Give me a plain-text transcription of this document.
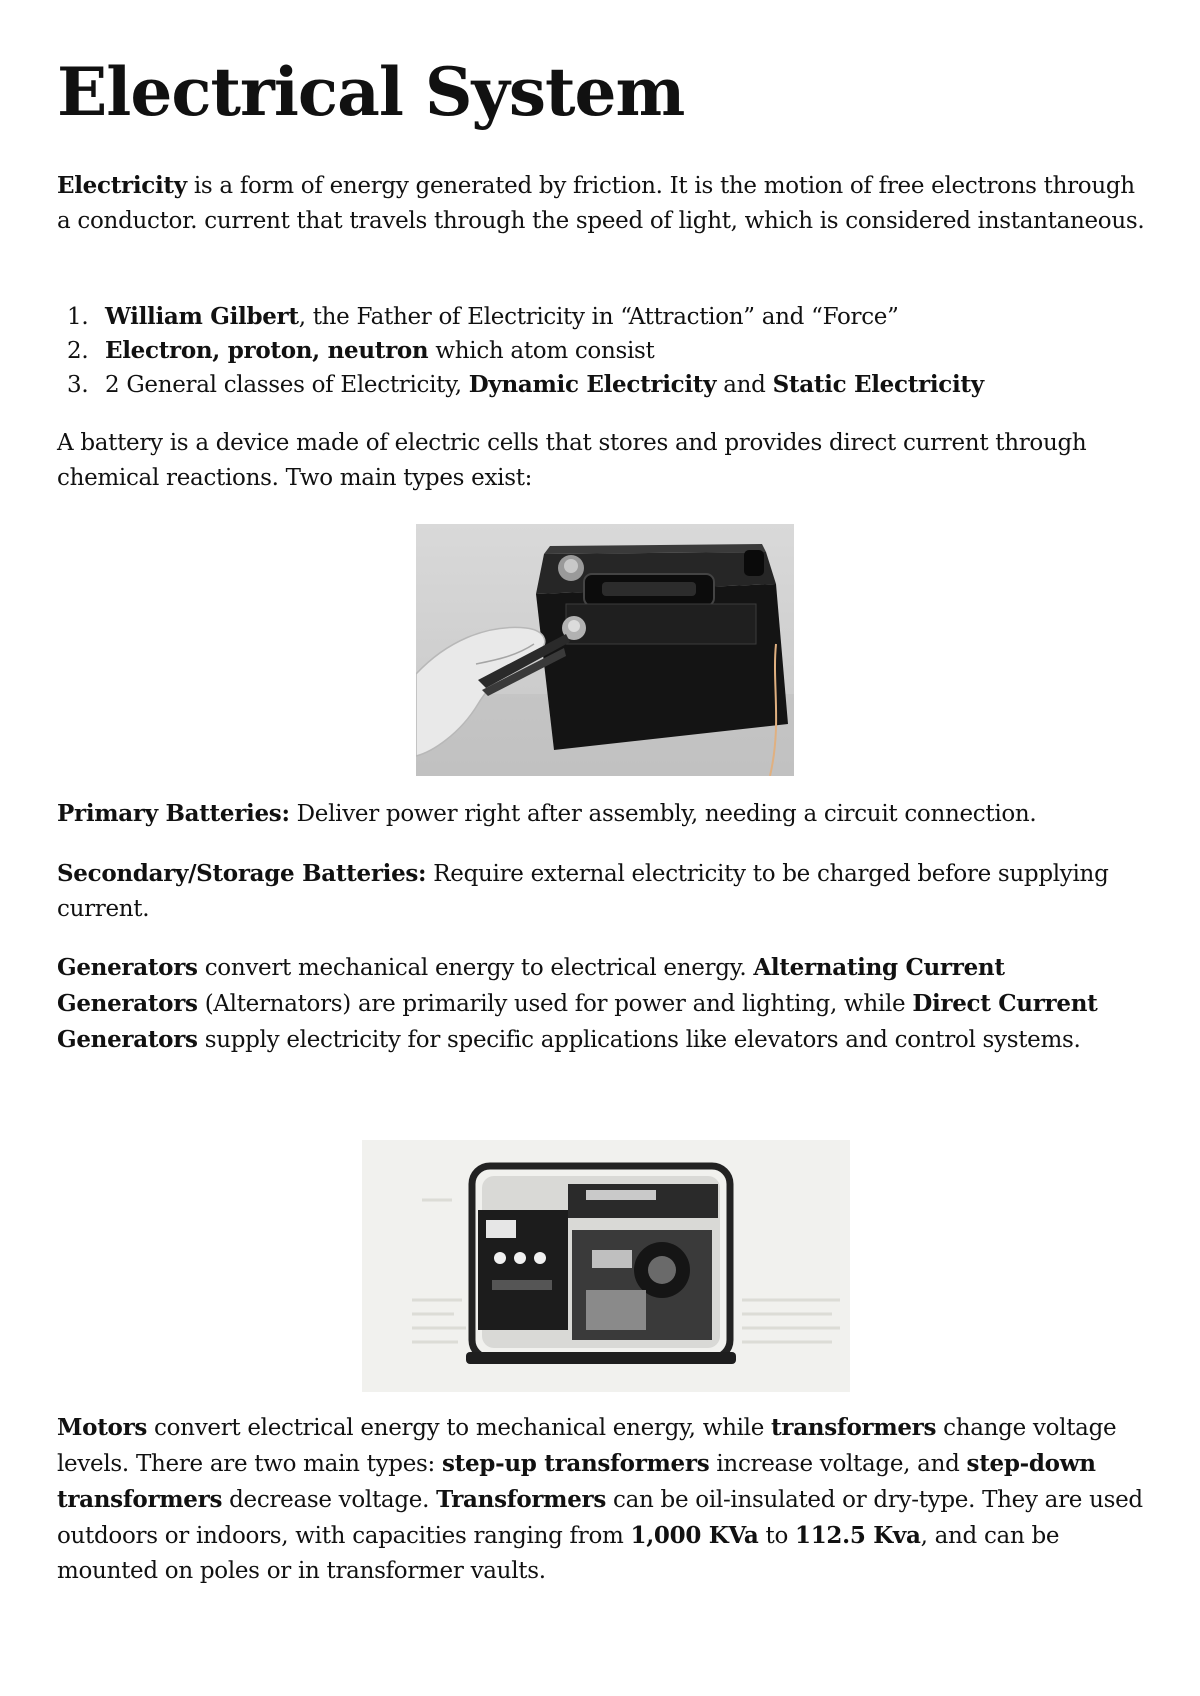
Electrical System

Electricity is a form of energy generated by friction. It is the motion of free electrons through a conductor. current that travels through the speed of light, which is considered instantaneous.

1. William Gilbert, the Father of Electricity in “Attraction” and “Force”
2. Electron, proton, neutron which atom consist
3. 2 General classes of Electricity, Dynamic Electricity and Static Electricity

A battery is a device made of electric cells that stores and provides direct current through chemical reactions. Two main types exist:

Primary Batteries: Deliver power right after assembly, needing a circuit connection.

Secondary/Storage Batteries: Require external electricity to be charged before supplying current.

Generators convert mechanical energy to electrical energy. Alternating Current Generators (Alternators) are primarily used for power and lighting, while Direct Current Generators supply electricity for specific applications like elevators and control systems.

Motors convert electrical energy to mechanical energy, while transformers change voltage levels. There are two main types: step-up transformers increase voltage, and step-down transformers decrease voltage. Transformers can be oil-insulated or dry-type. They are used outdoors or indoors, with capacities ranging from 1,000 KVa to 112.5 Kva, and can be mounted on poles or in transformer vaults.
